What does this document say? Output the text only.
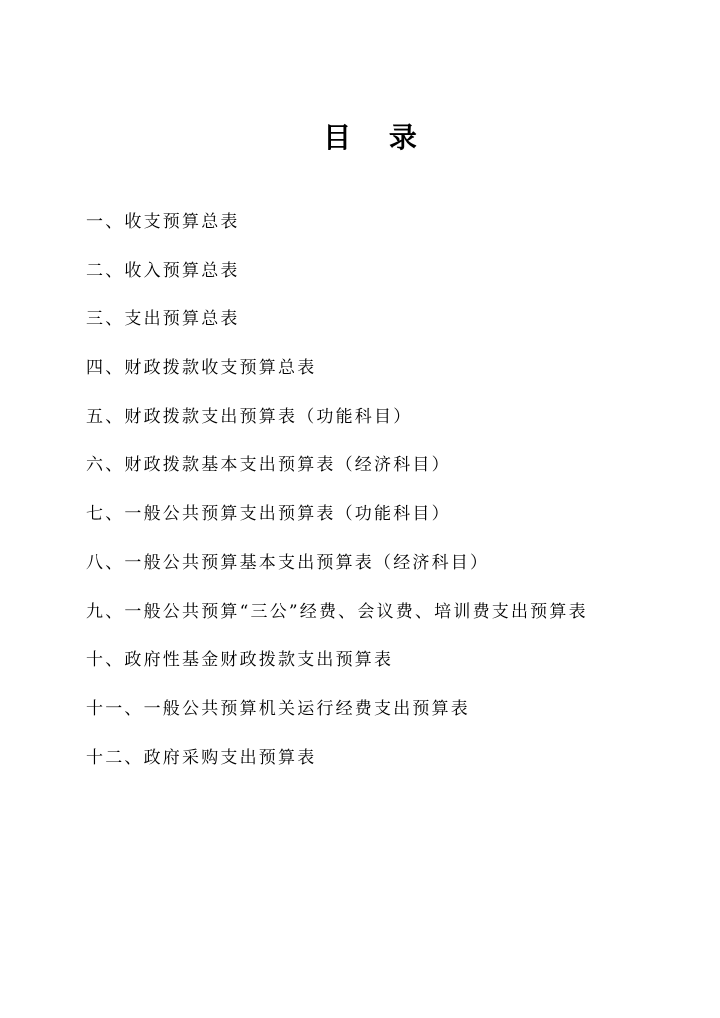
目 录
一、收支预算总表
二、收入预算总表
三、支出预算总表
四、财政拨款收支预算总表
五、财政拨款支出预算表（功能科目）
六、财政拨款基本支出预算表（经济科目）
七、一般公共预算支出预算表（功能科目）
八、一般公共预算基本支出预算表（经济科目）
九、一般公共预算“三公”经费、会议费、培训费支出预算表
十、政府性基金财政拨款支出预算表
十一、一般公共预算机关运行经费支出预算表
十二、政府采购支出预算表
